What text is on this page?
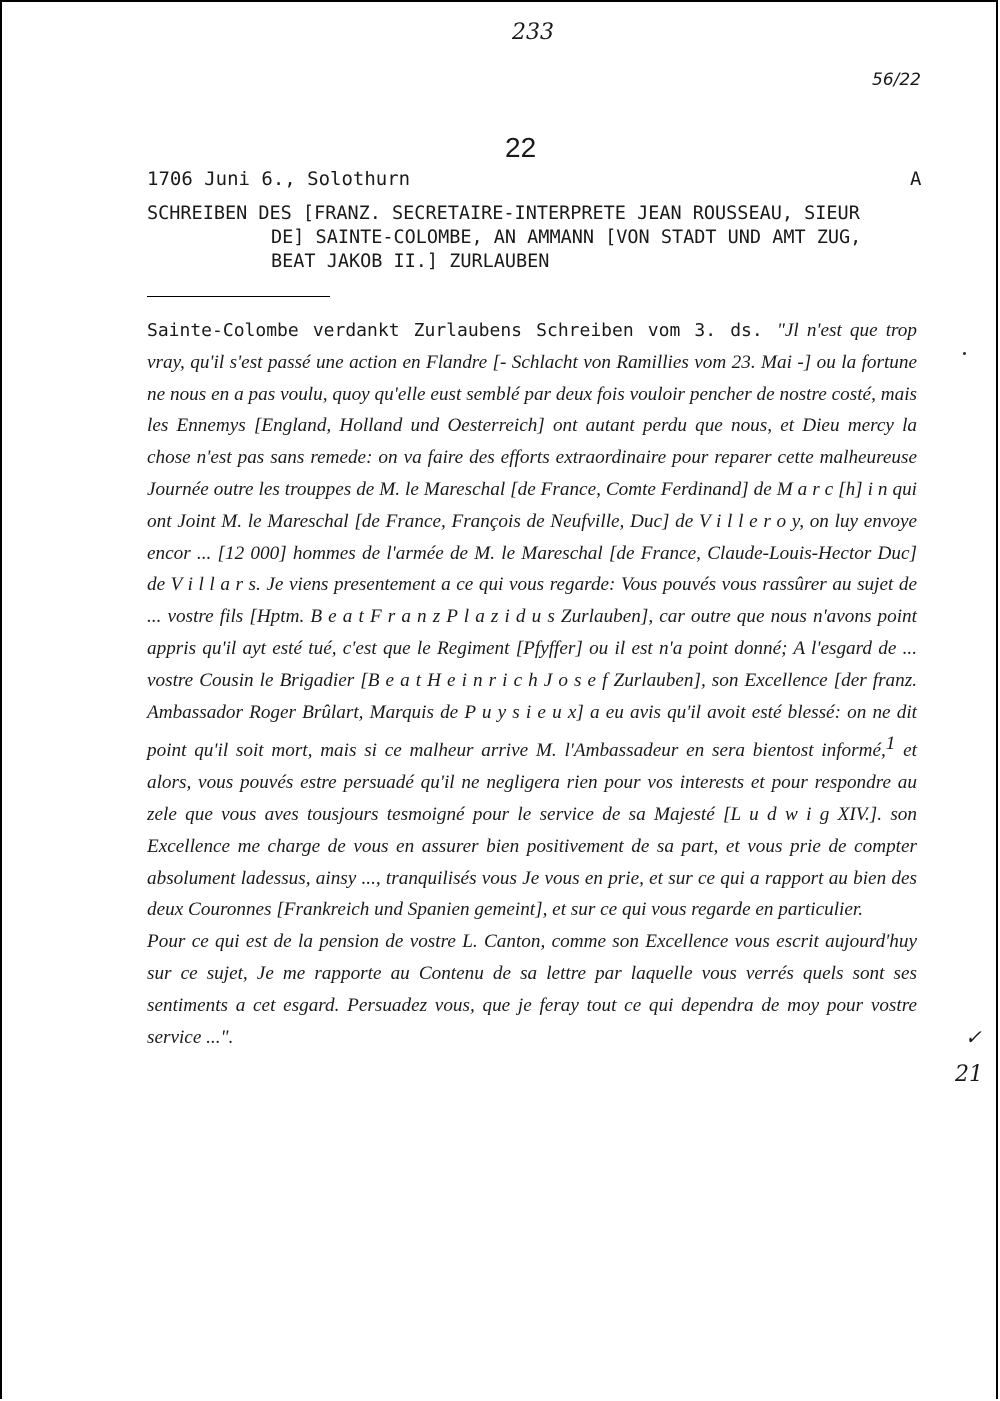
233
56/22
22
1706 Juni 6., Solothurn	A
SCHREIBEN DES [FRANZ. SECRETAIRE-INTERPRETE JEAN ROUSSEAU, SIEUR
DE] SAINTE-COLOMBE, AN AMMANN [VON STADT UND AMT ZUG,
BEAT JAKOB II.] ZURLAUBEN
Sainte-Colombe verdankt Zurlaubens Schreiben vom 3. ds. "Jl n'est que trop vray, qu'il s'est passé une action en Flandre [- Schlacht von Ramillies vom 23. Mai -] ou la fortune ne nous en a pas voulu, quoy qu'elle eust semblé par deux fois vouloir pencher de nostre costé, mais les Ennemys [England, Holland und Oesterreich] ont autant perdu que nous, et Dieu mercy la chose n'est pas sans remede: on va faire des efforts extraordinaire pour reparer cette malheureuse Journée outre les trouppes de M. le Mareschal [de France, Comte Ferdinand] de M a r c [h] i n qui ont Joint M. le Mareschal [de France, François de Neufville, Duc] de V i l l e r o y, on luy envoye encor ... [12 000] hommes de l'armée de M. le Mareschal [de France, Claude-Louis-Hector Duc] de V i l l a r s. Je viens presentement a ce qui vous regarde: Vous pouvés vous rassûrer au sujet de ... vostre fils [Hptm. B e a t F r a n z P l a z i d u s Zurlauben], car outre que nous n'avons point appris qu'il ayt esté tué, c'est que le Regiment [Pfyffer] ou il est n'a point donné; A l'esgard de ... vostre Cousin le Brigadier [B e a t H e i n r i c h J o s e f Zurlauben], son Excellence [der franz. Ambassador Roger Brûlart, Marquis de P u y s i e u x] a eu avis qu'il avoit esté blessé: on ne dit point qu'il soit mort, mais si ce malheur arrive M. l'Ambassadeur en sera bientost informé,$^1$ et alors, vous pouvés estre persuadé qu'il ne negligera rien pour vos interests et pour respondre au zele que vous aves tousjours tesmoigné pour le service de sa Majesté [L u d w i g XIV.]. son Excellence me charge de vous en assurer bien positivement de sa part, et vous prie de compter absolument ladessus, ainsy ..., tranquilisés vous Je vous en prie, et sur ce qui a rapport au bien des deux Couronnes [Frankreich und Spanien gemeint], et sur ce qui vous regarde en particulier.
Pour ce qui est de la pension de vostre L. Canton, comme son Excellence vous escrit aujourd'huy sur ce sujet, Je me rapporte au Contenu de sa lettre par laquelle vous verrés quels sont ses sentiments a cet esgard. Persuadez vous, que je feray tout ce qui dependra de moy pour vostre service ...".	✓
21
